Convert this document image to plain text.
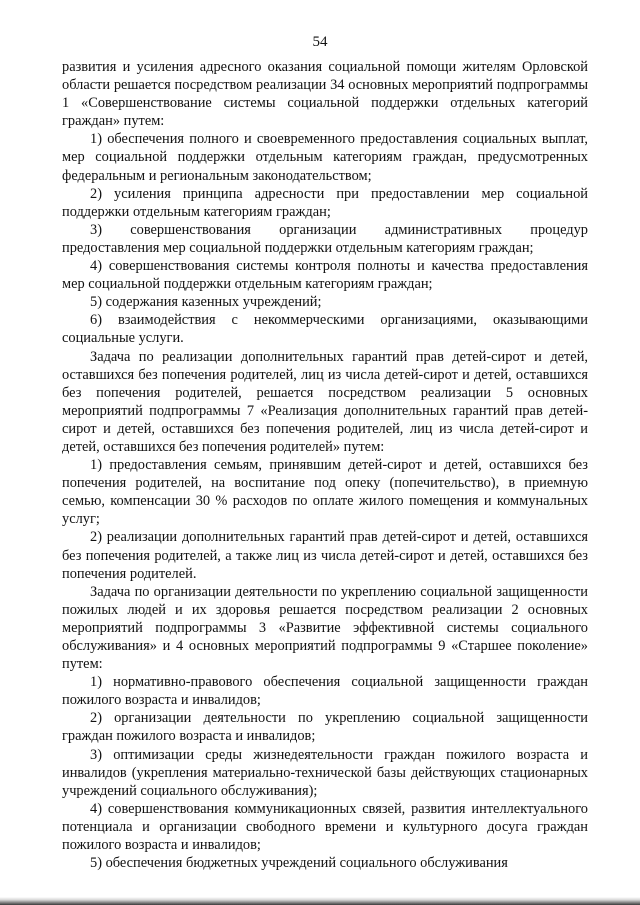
54

развития и усиления адресного оказания социальной помощи жителям Орловской области решается посредством реализации 34 основных мероприятий подпрограммы 1 «Совершенствование системы социальной поддержки отдельных категорий граждан» путем:

1) обеспечения полного и своевременного предоставления социальных выплат, мер социальной поддержки отдельным категориям граждан, предусмотренных федеральным и региональным законодательством;

2) усиления принципа адресности при предоставлении мер социальной поддержки отдельным категориям граждан;

3) совершенствования организации административных процедур предоставления мер социальной поддержки отдельным категориям граждан;

4) совершенствования системы контроля полноты и качества предоставления мер социальной поддержки отдельным категориям граждан;

5) содержания казенных учреждений;

6) взаимодействия с некоммерческими организациями, оказывающими социальные услуги.

Задача по реализации дополнительных гарантий прав детей-сирот и детей, оставшихся без попечения родителей, лиц из числа детей-сирот и детей, оставшихся без попечения родителей, решается посредством реализации 5 основных мероприятий подпрограммы 7 «Реализация дополнительных гарантий прав детей-сирот и детей, оставшихся без попечения родителей, лиц из числа детей-сирот и детей, оставшихся без попечения родителей» путем:

1) предоставления семьям, принявшим детей-сирот и детей, оставшихся без попечения родителей, на воспитание под опеку (попечительство), в приемную семью, компенсации 30 % расходов по оплате жилого помещения и коммунальных услуг;

2) реализации дополнительных гарантий прав детей-сирот и детей, оставшихся без попечения родителей, а также лиц из числа детей-сирот и детей, оставшихся без попечения родителей.

Задача по организации деятельности по укреплению социальной защищенности пожилых людей и их здоровья решается посредством реализации 2 основных мероприятий подпрограммы 3 «Развитие эффективной системы социального обслуживания» и 4 основных мероприятий подпрограммы 9 «Старшее поколение» путем:

1) нормативно-правового обеспечения социальной защищенности граждан пожилого возраста и инвалидов;

2) организации деятельности по укреплению социальной защищенности граждан пожилого возраста и инвалидов;

3) оптимизации среды жизнедеятельности граждан пожилого возраста и инвалидов (укрепления материально-технической базы действующих стационарных учреждений социального обслуживания);

4) совершенствования коммуникационных связей, развития интеллектуального потенциала и организации свободного времени и культурного досуга граждан пожилого возраста и инвалидов;

5) обеспечения бюджетных учреждений социального обслуживания
